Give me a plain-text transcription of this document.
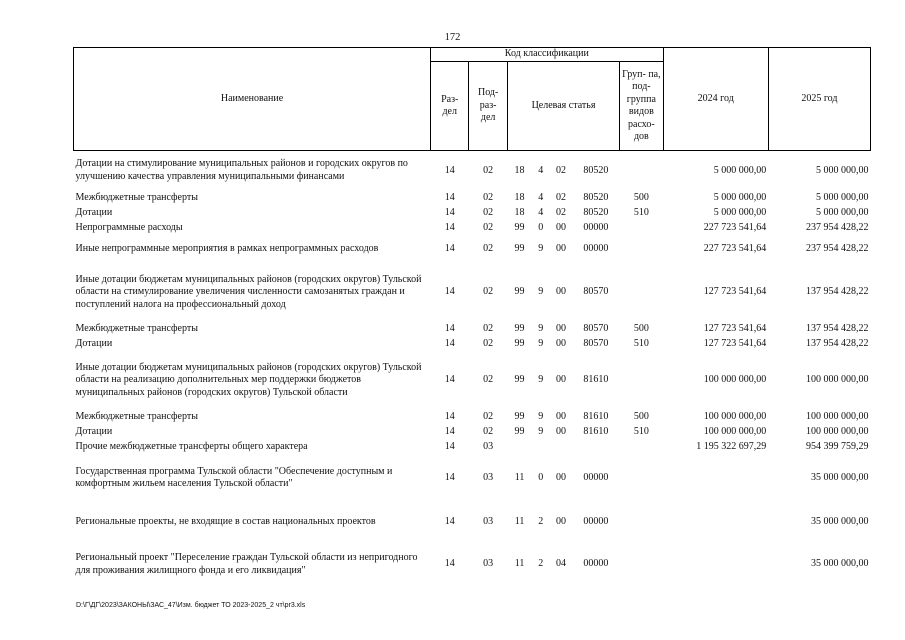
172
Наименование	Код классификации							2024 год	2025 год
	Раз- дел	Под- раз- дел	Целевая статья				Груп- па, под- группа видов расхо- дов		
Дотации на стимулирование муниципальных районов и городских округов по улучшению качества управления муниципальными финансами	14	02	18	4	02	80520		5 000 000,00	5 000 000,00
Межбюджетные трансферты	14	02	18	4	02	80520	500	5 000 000,00	5 000 000,00
Дотации	14	02	18	4	02	80520	510	5 000 000,00	5 000 000,00
Непрограммные расходы	14	02	99	0	00	00000		227 723 541,64	237 954 428,22
Иные непрограммные мероприятия в рамках непрограммных расходов	14	02	99	9	00	00000		227 723 541,64	237 954 428,22
Иные дотации бюджетам муниципальных районов (городских округов) Тульской области на стимулирование увеличения численности самозанятых граждан и поступлений налога на профессиональный доход	14	02	99	9	00	80570		127 723 541,64	137 954 428,22
Межбюджетные трансферты	14	02	99	9	00	80570	500	127 723 541,64	137 954 428,22
Дотации	14	02	99	9	00	80570	510	127 723 541,64	137 954 428,22
Иные дотации бюджетам муниципальных районов (городских округов) Тульской области на реализацию дополнительных мер поддержки бюджетов муниципальных районов (городских округов) Тульской области	14	02	99	9	00	81610		100 000 000,00	100 000 000,00
Межбюджетные трансферты	14	02	99	9	00	81610	500	100 000 000,00	100 000 000,00
Дотации	14	02	99	9	00	81610	510	100 000 000,00	100 000 000,00
Прочие межбюджетные трансферты общего характера	14	03						1 195 322 697,29	954 399 759,29
Государственная программа Тульской области "Обеспечение доступным и комфортным жильем населения Тульской области"	14	03	11	0	00	00000			35 000 000,00
Региональные проекты, не входящие в состав национальных проектов	14	03	11	2	00	00000			35 000 000,00
Региональный проект "Переселение граждан Тульской области из непригодного для проживания жилищного фонда и его ликвидация"	14	03	11	2	04	00000			35 000 000,00
D:\Г\ДГ\2023\ЗАКОНЫ\ЗАС_47\Изм. бюджет ТО 2023-2025_2 чт\pr3.xls
